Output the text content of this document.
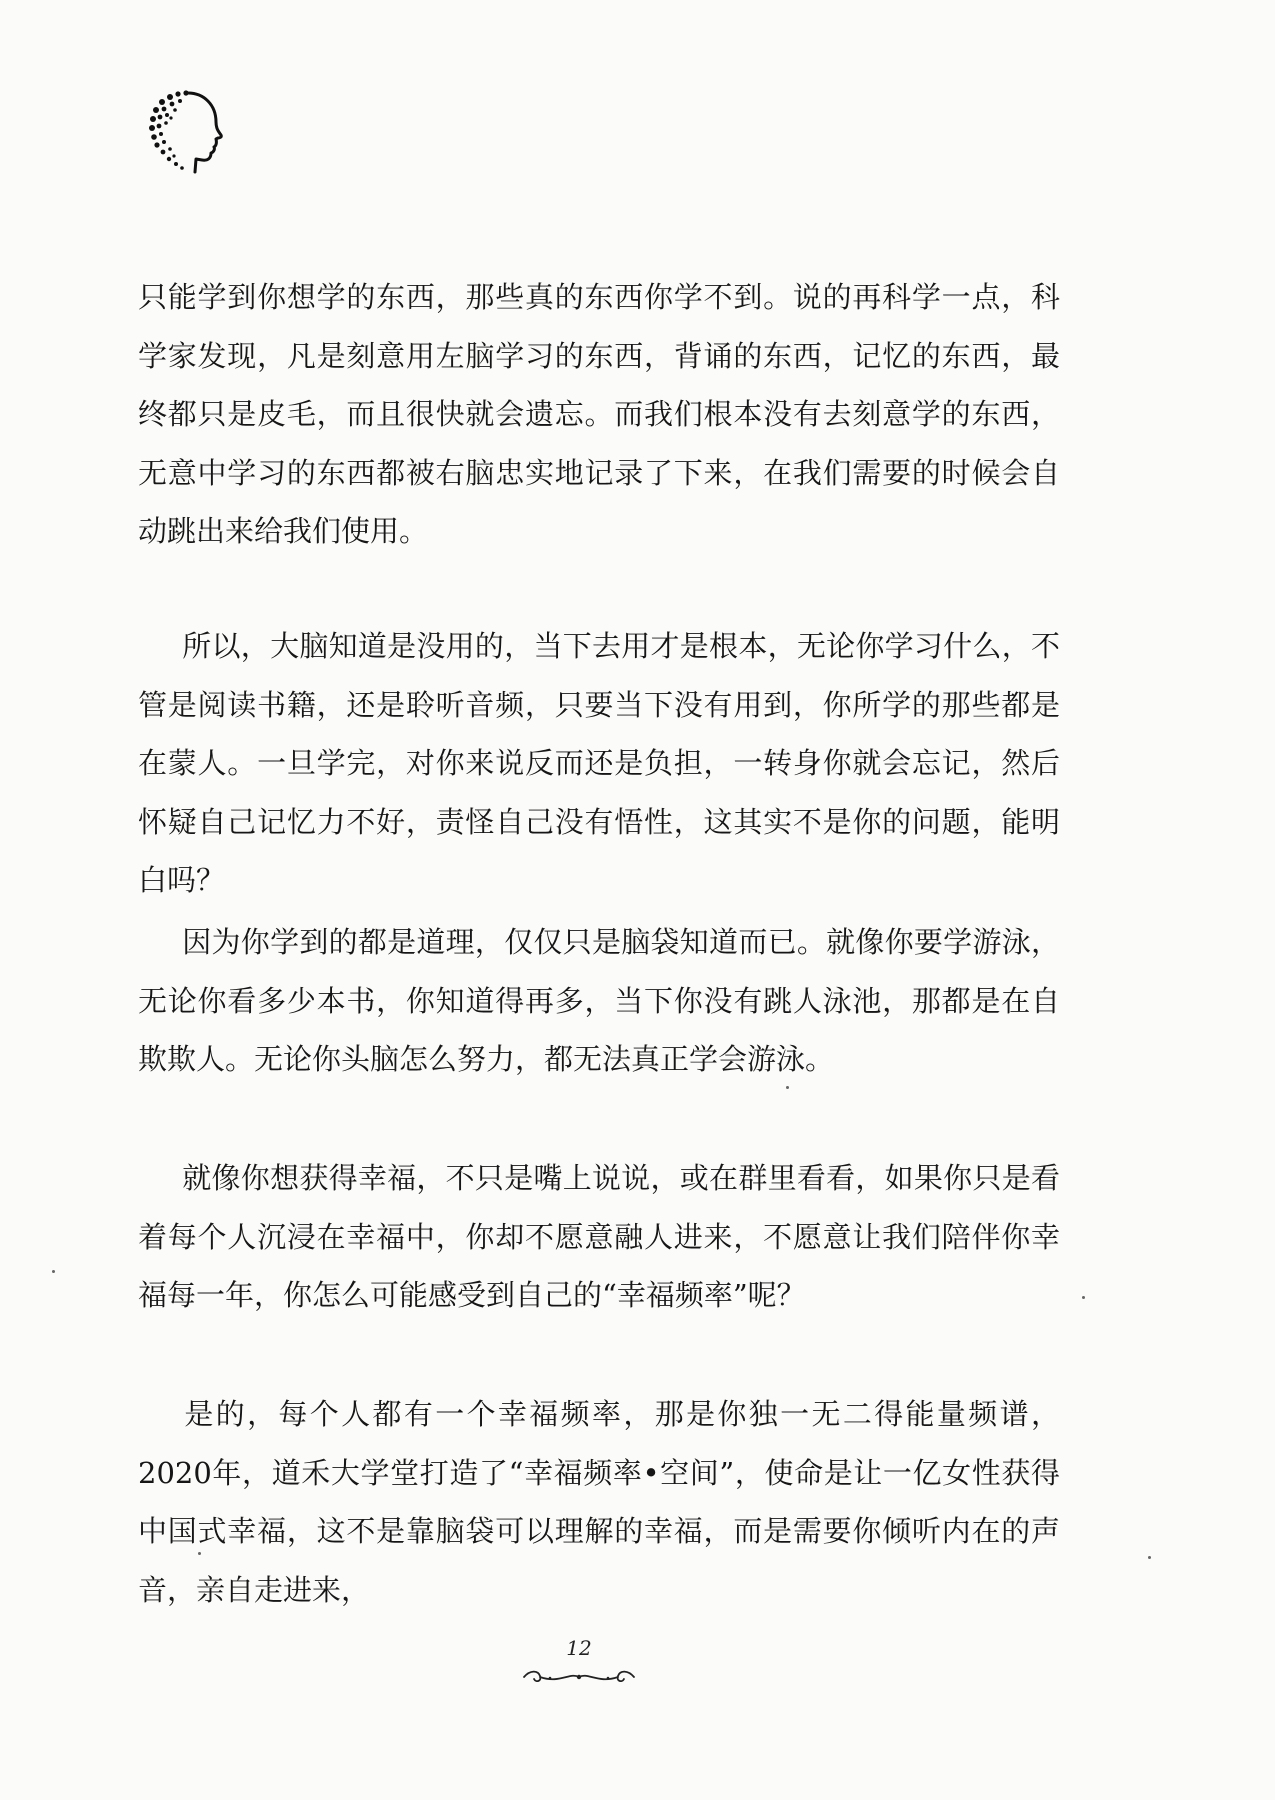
只能学到你想学的东西，那些真的东西你学不到。说的再科学一点，科学家发现，凡是刻意用左脑学习的东西，背诵的东西，记忆的东西，最终都只是皮毛，而且很快就会遗忘。而我们根本没有去刻意学的东西，无意中学习的东西都被右脑忠实地记录了下来，在我们需要的时候会自动跳出来给我们使用。

所以，大脑知道是没用的，当下去用才是根本，无论你学习什么，不管是阅读书籍，还是聆听音频，只要当下没有用到，你所学的那些都是在蒙人。一旦学完，对你来说反而还是负担，一转身你就会忘记，然后怀疑自己记忆力不好，责怪自己没有悟性，这其实不是你的问题，能明白吗？

因为你学到的都是道理，仅仅只是脑袋知道而已。就像你要学游泳，无论你看多少本书，你知道得再多，当下你没有跳人泳池，那都是在自欺欺人。无论你头脑怎么努力，都无法真正学会游泳。

就像你想获得幸福，不只是嘴上说说，或在群里看看，如果你只是看着每个人沉浸在幸福中，你却不愿意融人进来，不愿意让我们陪伴你幸福每一年，你怎么可能感受到自己的“幸福频率”呢？

是的，每个人都有一个幸福频率，那是你独一无二得能量频谱，2020年，道禾大学堂打造了“幸福频率•空间”，使命是让一亿女性获得中国式幸福，这不是靠脑袋可以理解的幸福，而是需要你倾听内在的声音，亲自走进来，

12
